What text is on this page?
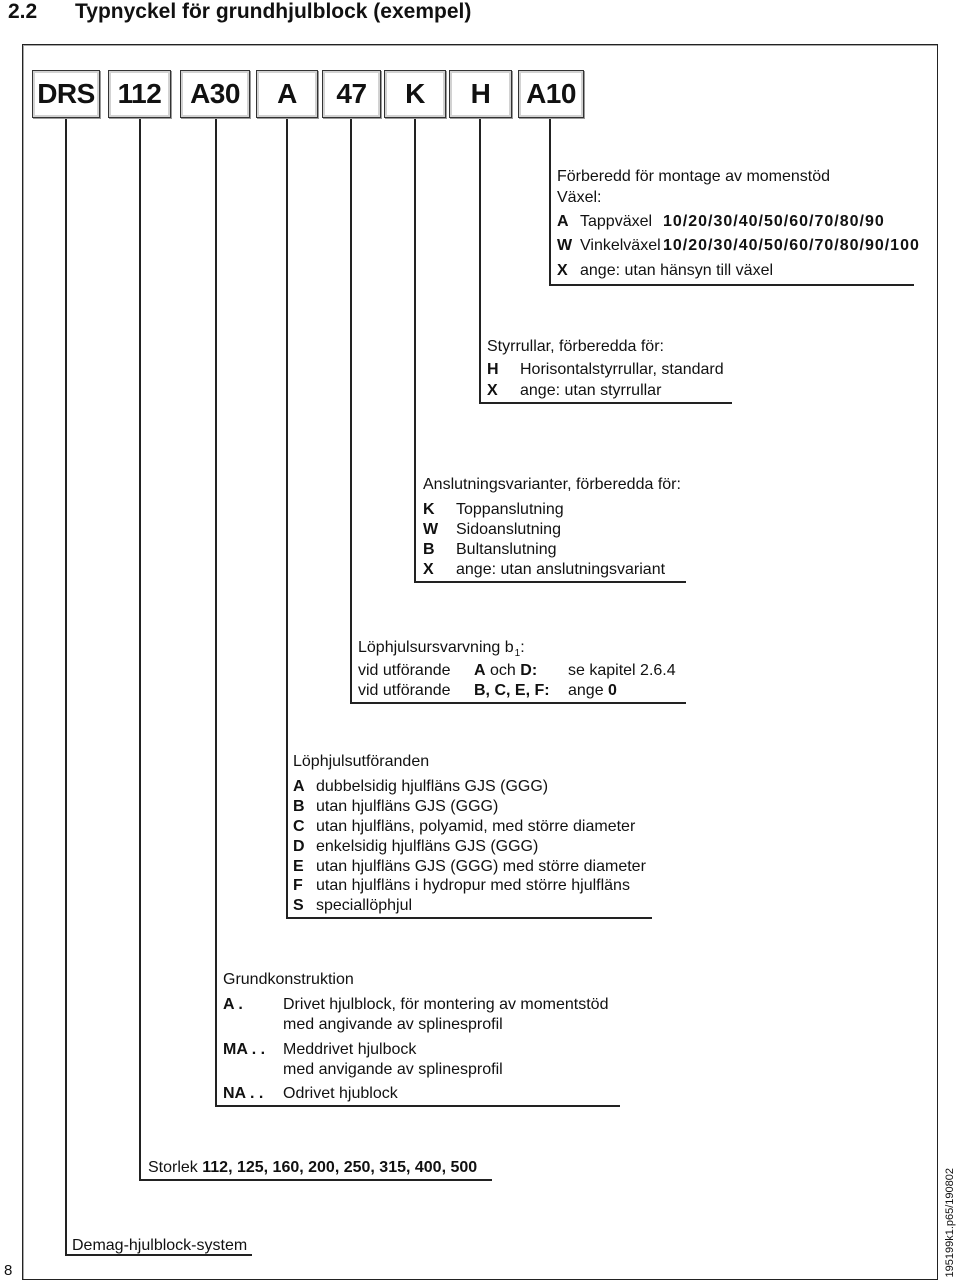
2.2 Typnyckel för grundhjulblock (exempel)
DRS 112	A30	A	47	K	H	A10
Förberedd för montage av momenstöd
Växel:
A Tappväxel 10/20/30/40/50/60/70/80/90
W Vinkelväxel 10/20/30/40/50/60/70/80/90/100
X ange: utan hänsyn till växel
Styrrullar, förberedda för:
H	Horisontalstyrrullar, standard
X	ange: utan styrrullar
Anslutningsvarianter, förberedda för:
K	Toppanslutning
W	Sidoanslutning
B	Bultanslutning
X	ange: utan anslutningsvariant
Löphjulsursvarvning $b_1$:
vid utförande	A och D:	se kapitel 2.6.4
vid utförande	B, C, E, F:	ange 0
Löphjulsutföranden
A dubbelsidig hjulfläns GJS (GGG)
B utan hjulfläns GJS (GGG)
C utan hjulfläns, polyamid, med större diameter
D enkelsidig hjulfläns GJS (GGG)
E utan hjulfläns GJS (GGG) med större diameter
F utan hjulfläns i hydropur med större hjulfläns
S speciallöphjul
Grundkonstruktion
A .	Drivet hjulblock, för montering av momentstöd
med angivande av splinesprofil
MA . .	Meddrivet hjulbock
med anvigande av splinesprofil
NA . .	Odrivet hjublock
Storlek 112, 125, 160, 200, 250, 315, 400, 500
Demag-hjulblock-system
8	195199k1.p65/190802
